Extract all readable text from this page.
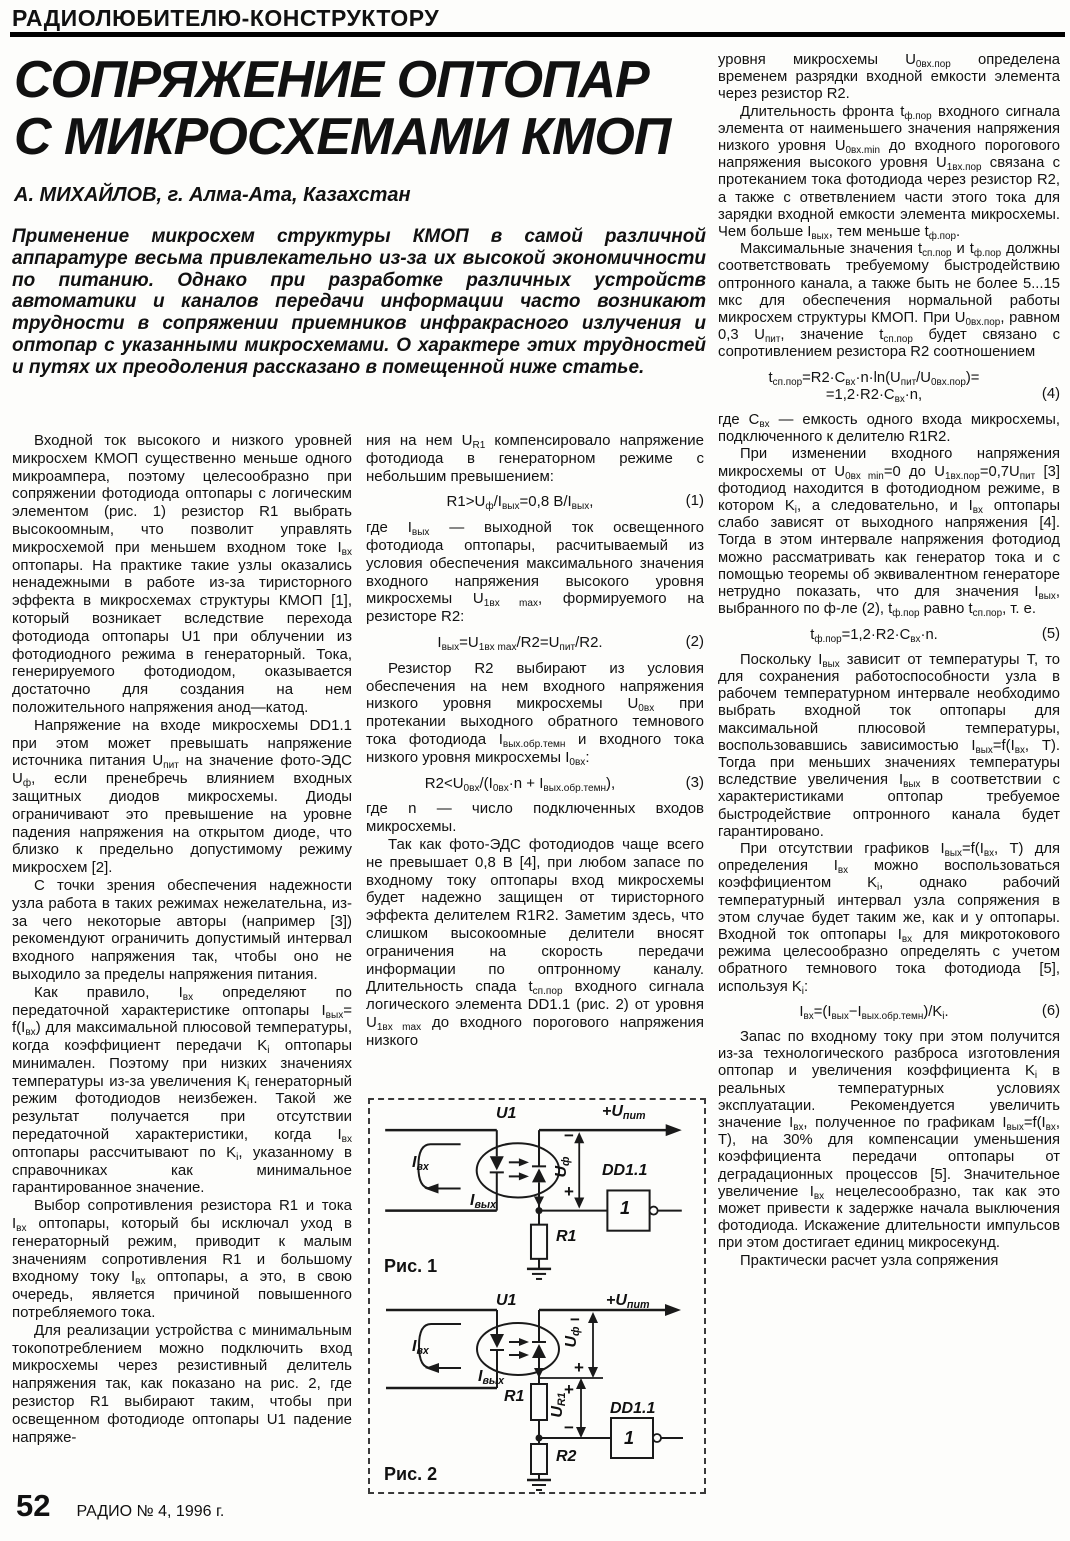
РАДИОЛЮБИТЕЛЮ-КОНСТРУКТОРУ
СОПРЯЖЕНИЕ ОПТОПАР
С МИКРОСХЕМАМИ КМОП
А. МИХАЙЛОВ, г. Алма-Ата, Казахстан
Применение микросхем структуры КМОП в самой различной аппаратуре весьма привлекательно из-за их высокой экономичности по питанию. Однако при разработке различных устройств автоматики и каналов передачи информации часто возникают трудности в сопряжении приемников инфракрасного излучения и оптопар с указанными микросхемами. О характере этих трудностей и путях их преодоления рассказано в помещенной ниже статье.

Входной ток высокого и низкого уровней микросхем КМОП существенно меньше одного микроампера, поэтому целесообразно при сопряжении фотодиода оптопары с логическим элементом (рис. 1) резистор R1 выбрать высокоомным, что позволит управлять микросхемой при меньшем входном токе $I_{вх}$ оптопары. На практике такие узлы оказались ненадежными в работе из-за тиристорного эффекта в микросхемах структуры КМОП [1], который возникает вследствие перехода фотодиода оптопары U1 при облучении из фотодиодного режима в генераторный. Тока, генерируемого фотодиодом, оказывается достаточно для создания на нем положительного напряжения анод—катод.

Напряжение на входе микросхемы DD1.1 при этом может превышать напряжение источника питания $U_{пит}$ на значение фото-ЭДС $U_ф$, если пренебречь влиянием входных защитных диодов микросхемы. Диоды ограничивают это превышение на уровне падения напряжения на открытом диоде, что близко к предельно допустимому режиму микросхем [2].

С точки зрения обеспечения надежности узла работа в таких режимах нежелательна, из-за чего некоторые авторы (например [3]) рекомендуют ограничить допустимый интервал входного напряжения так, чтобы оно не выходило за пределы напряжения питания.

Как правило, $I_{вх}$ определяют по передаточной характеристике оптопары $I_{вых}= f(I_{вх})$ для максимальной плюсовой температуры, когда коэффициент передачи $K_i$ оптопары минимален. Поэтому при низких значениях температуры из-за увеличения $K_i$ генераторный режим фотодиодов неизбежен. Такой же результат получается при отсутствии передаточной характеристики, когда $I_{вх}$ оптопары рассчитывают по $K_i$, указанному в справочниках как минимальное гарантированное значение.

Выбор сопротивления резистора R1 и тока $I_{вх}$ оптопары, который бы исключал уход в генераторный режим, приводит к малым значениям сопротивления R1 и большому входному току $I_{вх}$ оптопары, а это, в свою очередь, является причиной повышенного потребляемого тока.

Для реализации устройства с минимальным токопотреблением можно подключить вход микросхемы через резистивный делитель напряжения так, как показано на рис. 2, где резистор R1 выбирают таким, чтобы при освещенном фотодиоде оптопары U1 падение напряже-

ния на нем $U_{R1}$ компенсировало напряжение фотодиода в генераторном режиме с небольшим превышением:

$R1>U_ф/I_{вых}=0,8$ $В/I_{вых}$,	(1)

где $I_{вых}$ — выходной ток освещенного фотодиода оптопары, расчитываемый из условия обеспечения максимального значения входного напряжения высокого уровня микросхемы $U_{1вх max}$, формируемого на резисторе R2:

$I_{вых}=U_{1вх max}/R2=U_{пит}/R2$.	(2)

Резистор R2 выбирают из условия обеспечения на нем входного напряжения низкого уровня микросхемы $U_{0вх}$ при протекании выходного обратного темнового тока фотодиода $I_{вых.обр.темн}$ и входного тока низкого уровня микросхемы $I_{0вх}$:

$R2<U_{0вх}/(I_{0вх}\cdot n + I_{вых.обр.темн})$,	(3)

где n — число подключенных входов микросхемы.

Так как фото-ЭДС фотодиодов чаще всего не превышает 0,8 В [4], при любом запасе по входному току оптопары вход микросхемы будет надежно защищен от тиристорного эффекта делителем R1R2. Заметим здесь, что слишком высокоомные делители вносят ограничения на скорость передачи информации по оптронному каналу. Длительность спада $t_{сп.пор}$ входного сигнала логического элемента DD1.1 (рис. 2) от уровня $U_{1вх max}$ до входного порогового напряжения низкого

уровня микросхемы $U_{0вх.пор}$ определена временем разрядки входной емкости элемента через резистор R2.

Длительность фронта $t_{ф.пор}$ входного сигнала элемента от наименьшего значения напряжения низкого уровня $U_{0вх.min}$ до входного порогового напряжения высокого уровня $U_{1вх.пор}$ связана с протеканием тока фотодиода через резистор R2, а также с ответвлением части этого тока для зарядки входной емкости элемента микросхемы. Чем больше $I_{вых}$, тем меньше $t_{ф.пор}$.

Максимальные значения $t_{сп.пор}$ и $t_{ф.пор}$ должны соответствовать требуемому быстродействию оптронного канала, а также быть не более 5...15 мкс для обеспечения нормальной работы микросхем структуры КМОП. При $U_{0вх.пор}$, равном 0,3 $U_{пит}$, значение $t_{сп.пор}$ будет связано с сопротивлением резистора R2 соотношением

$t_{сп.пор}=R2\cdot C_{вх}\cdot n\cdot\ln(U_{пит}/U_{0вх.пор})=$
$=1,2\cdot R2\cdot C_{вх}\cdot n$,	(4)

где $C_{вх}$ — емкость одного входа микросхемы, подключенного к делителю R1R2.

При изменении входного напряжения микросхемы от $U_{0вх min}=0$ до $U_{1вх.пор}=0,7U_{пит}$ [3] фотодиод находится в фотодиодном режиме, в котором $K_i$, а следовательно, и $I_{вх}$ оптопары слабо зависят от выходного напряжения [4]. Тогда в этом интервале напряжения фотодиод можно рассматривать как генератор тока и с помощью теоремы об эквивалентном генераторе нетрудно показать, что для значения $I_{вых}$, выбранного по ф-ле (2), $t_{ф.пор}$ равно $t_{сп.пор}$, т. е.

$t_{ф.пор}=1,2\cdot R2\cdot C_{вх}\cdot n$.	(5)

Поскольку $I_{вых}$ зависит от температуры T, то для сохранения работоспособности узла в рабочем температурном интервале необходимо выбрать входной ток оптопары для максимальной плюсовой температуры, воспользовавшись зависимостью $I_{вых}=f(I_{вх}$, T). Тогда при меньших значениях температуры вследствие увеличения $I_{вых}$ в соответствии с характеристиками оптопар требуемое быстродействие оптронного канала будет гарантировано.

При отсутствии графиков $I_{вых}=f(I_{вх}$, T) для определения $I_{вх}$ можно воспользоваться коэффициентом $K_i$, однако рабочий температурный интервал узла сопряжения в этом случае будет таким же, как и у оптопары. Входной ток оптопары $I_{вх}$ для микротокового режима целесообразно определять с учетом обратного темнового тока фотодиода [5], используя $K_i$:

$I_{вх}=(I_{вых}-I_{вых.обр.темн})/K_i$.	(6)

Запас по входному току при этом получится из-за технологического разброса изготовления оптопар и увеличения коэффициента $K_i$ в реальных температурных условиях эксплуатации. Рекомендуется увеличить значение $I_{вх}$, полученное по графикам $I_{вых}=f(I_{вх}$, T), на 30% для компенсации уменьшения коэффициента передачи оптопары от деградационных процессов [5]. Значительное увеличение $I_{вх}$ нецелесообразно, так как это может привести к задержке начала выключения фотодиода. Искажение длительности импульсов при этом достигает единиц микросекунд.

Практически расчет узла сопряжения

U1
$I_{вх}$
$I_{вых}$
$U_ф$
−
+
$+U_{пит}$
DD1.1
1
R1
Рис. 1
U1
$I_{вх}$
$I_{вых}$
$U_ф$
−
+
+
−
$U_{R1}$
$+U_{пит}$
R1
DD1.1
1
R2
Рис. 2
52 РАДИО № 4, 1996 г.
